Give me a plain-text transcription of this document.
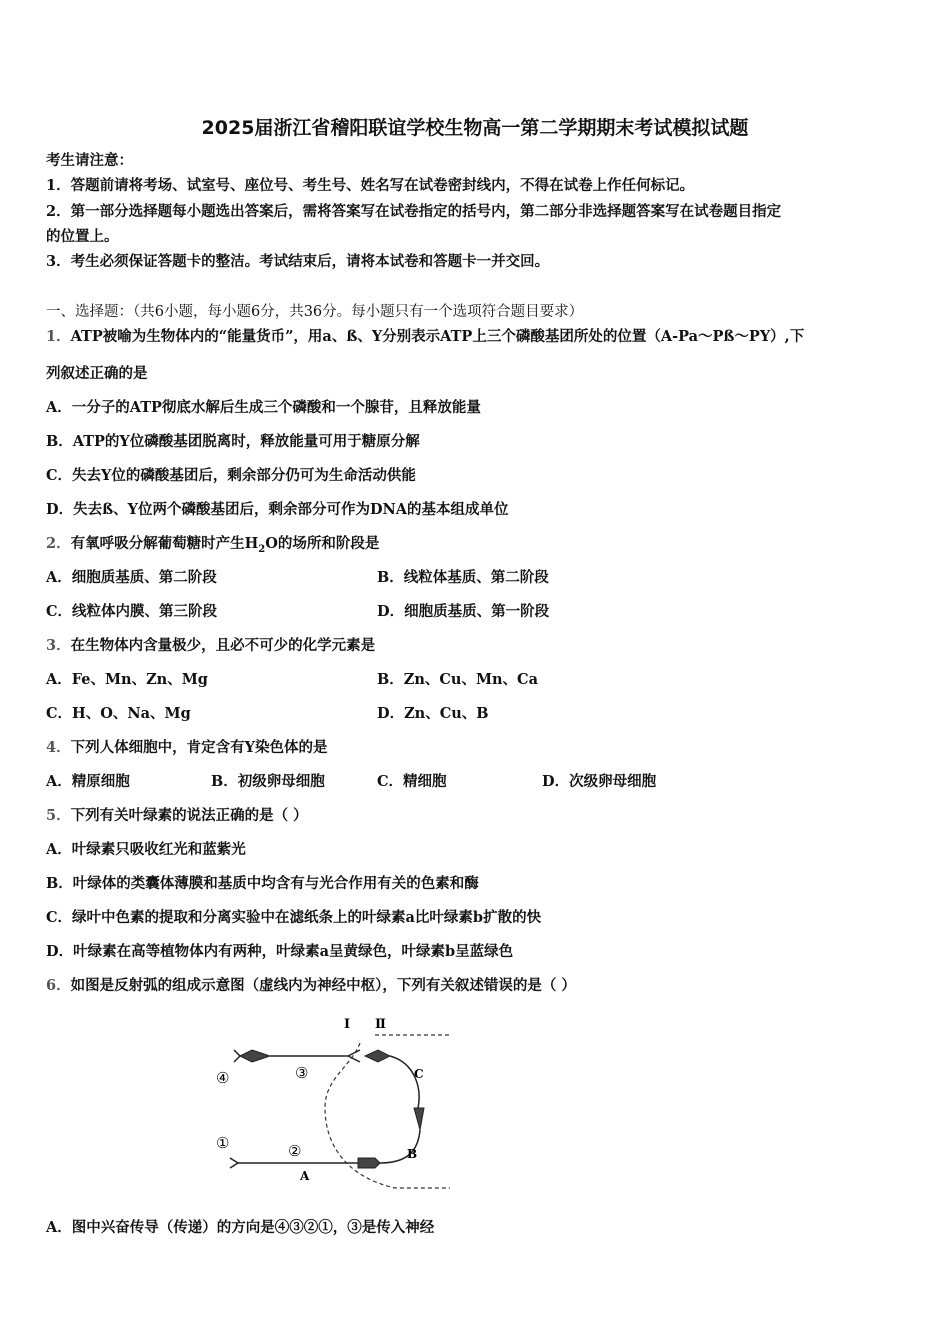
2025届浙江省稽阳联谊学校生物高一第二学期期末考试模拟试题
考生请注意：
1．答题前请将考场、试室号、座位号、考生号、姓名写在试卷密封线内，不得在试卷上作任何标记。
2．第一部分选择题每小题选出答案后，需将答案写在试卷指定的括号内，第二部分非选择题答案写在试卷题目指定
的位置上。
3．考生必须保证答题卡的整洁。考试结束后，请将本试卷和答题卡一并交回。
一、选择题：（共6小题，每小题6分，共36分。每小题只有一个选项符合题目要求）
1．ATP被喻为生物体内的“能量货币”，用a、ß、Y分别表示ATP上三个磷酸基团所处的位置（A-Pa～Pß～PY）,下
列叙述正确的是
A．一分子的ATP彻底水解后生成三个磷酸和一个腺苷，且释放能量
B．ATP的Y位磷酸基团脱离时，释放能量可用于糖原分解
C．失去Y位的磷酸基团后，剩余部分仍可为生命活动供能
D．失去ß、Y位两个磷酸基团后，剩余部分可作为DNA的基本组成单位
2．有氧呼吸分解葡萄糖时产生$H_2O$的场所和阶段是
A．细胞质基质、第二阶段	B．线粒体基质、第二阶段
C．线粒体内膜、第三阶段	D．细胞质基质、第一阶段
3．在生物体内含量极少，且必不可少的化学元素是
A．Fe、Mn、Zn、Mg	B．Zn、Cu、Mn、Ca
C．H、O、Na、Mg	D．Zn、Cu、B
4．下列人体细胞中，肯定含有Y染色体的是
A．精原细胞	B．初级卵母细胞	C．精细胞	D．次级卵母细胞
5．下列有关叶绿素的说法正确的是（ ）
A．叶绿素只吸收红光和蓝紫光
B．叶绿体的类囊体薄膜和基质中均含有与光合作用有关的色素和酶
C．绿叶中色素的提取和分离实验中在滤纸条上的叶绿素a比叶绿素b扩散的快
D．叶绿素在高等植物体内有两种，叶绿素a呈黄绿色，叶绿素b呈蓝绿色
6．如图是反射弧的组成示意图（虚线内为神经中枢），下列有关叙述错误的是（ ）
I Ⅱ
C
B
A
④	③
①	②
A．图中兴奋传导（传递）的方向是④③②①，③是传入神经
